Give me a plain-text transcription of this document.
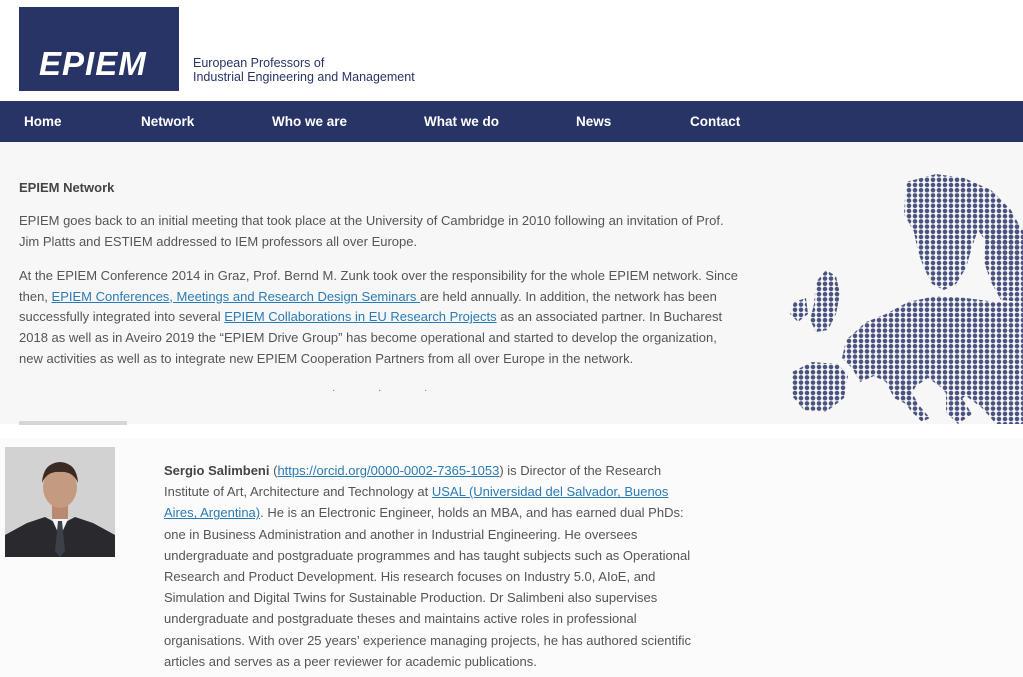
EPIEM	European Professors of
Industrial Engineering and Management
Home	Network	Who we are	What we do	News	Contact
EPIEM Network
EPIEM goes back to an initial meeting that took place at the University of Cambridge in 2010 following an invitation of Prof. Jim Platts and ESTIEM addressed to IEM professors all over Europe.
At the EPIEM Conference 2014 in Graz, Prof. Bernd M. Zunk took over the responsibility for the whole EPIEM network. Since then, EPIEM Conferences, Meetings and Research Design Seminars are held annually. In addition, the network has been successfully integrated into several EPIEM Collaborations in EU Research Projects as an associated partner. In Bucharest 2018 as well as in Aveiro 2019 the “EPIEM Drive Group” has become operational and started to develop the organization, new activities as well as to integrate new EPIEM Cooperation Partners from all over Europe in the network.
·	·	·
Sergio Salimbeni (https://orcid.org/0000-0002-7365-1053) is Director of the Research Institute of Art, Architecture and Technology at USAL (Universidad del Salvador, Buenos Aires, Argentina). He is an Electronic Engineer, holds an MBA, and has earned dual PhDs: one in Business Administration and another in Industrial Engineering. He oversees undergraduate and postgraduate programmes and has taught subjects such as Operational Research and Product Development. His research focuses on Industry 5.0, AIoE, and Simulation and Digital Twins for Sustainable Production. Dr Salimbeni also supervises undergraduate and postgraduate theses and maintains active roles in professional organisations. With over 25 years’ experience managing projects, he has authored scientific articles and serves as a peer reviewer for academic publications.
